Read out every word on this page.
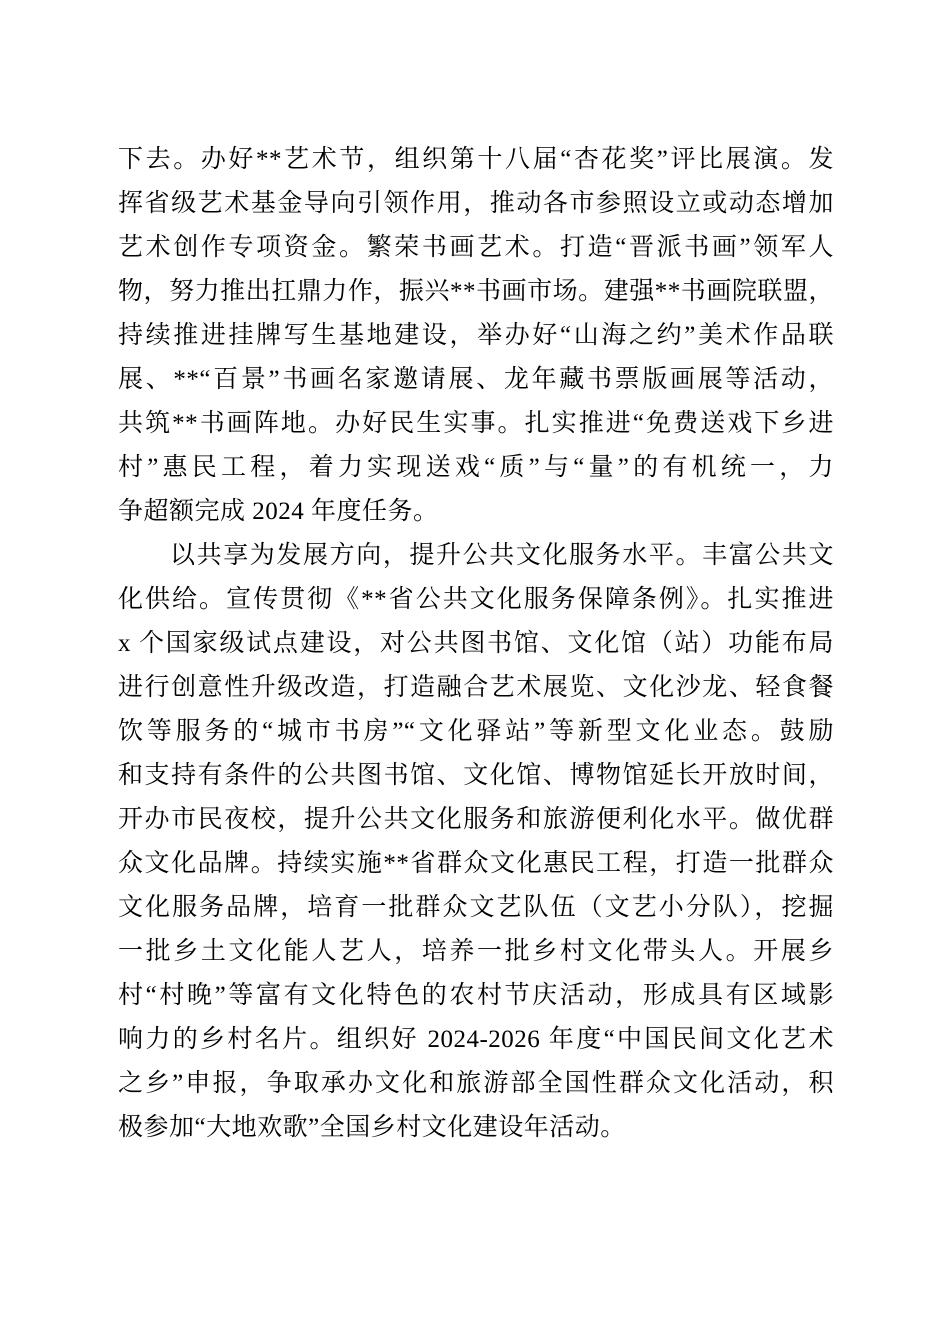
下去。办好**艺术节，组织第十八届“杏花奖”评比展演。发
挥省级艺术基金导向引领作用，推动各市参照设立或动态增加
艺术创作专项资金。繁荣书画艺术。打造“晋派书画”领军人
物，努力推出扛鼎力作，振兴**书画市场。建强**书画院联盟，
持续推进挂牌写生基地建设，举办好“山海之约”美术作品联
展、**“百景”书画名家邀请展、龙年藏书票版画展等活动，
共筑**书画阵地。办好民生实事。扎实推进“免费送戏下乡进
村”惠民工程，着力实现送戏“质”与“量”的有机统一，力
争超额完成 2024 年度任务。
以共享为发展方向，提升公共文化服务水平。丰富公共文
化供给。宣传贯彻《**省公共文化服务保障条例》。扎实推进
x 个国家级试点建设，对公共图书馆、文化馆（站）功能布局
进行创意性升级改造，打造融合艺术展览、文化沙龙、轻食餐
饮等服务的“城市书房”“文化驿站”等新型文化业态。鼓励
和支持有条件的公共图书馆、文化馆、博物馆延长开放时间，
开办市民夜校，提升公共文化服务和旅游便利化水平。做优群
众文化品牌。持续实施**省群众文化惠民工程，打造一批群众
文化服务品牌，培育一批群众文艺队伍（文艺小分队），挖掘
一批乡土文化能人艺人，培养一批乡村文化带头人。开展乡
村“村晚”等富有文化特色的农村节庆活动，形成具有区域影
响力的乡村名片。组织好 2024-2026 年度“中国民间文化艺术
之乡”申报，争取承办文化和旅游部全国性群众文化活动，积
极参加“大地欢歌”全国乡村文化建设年活动。
